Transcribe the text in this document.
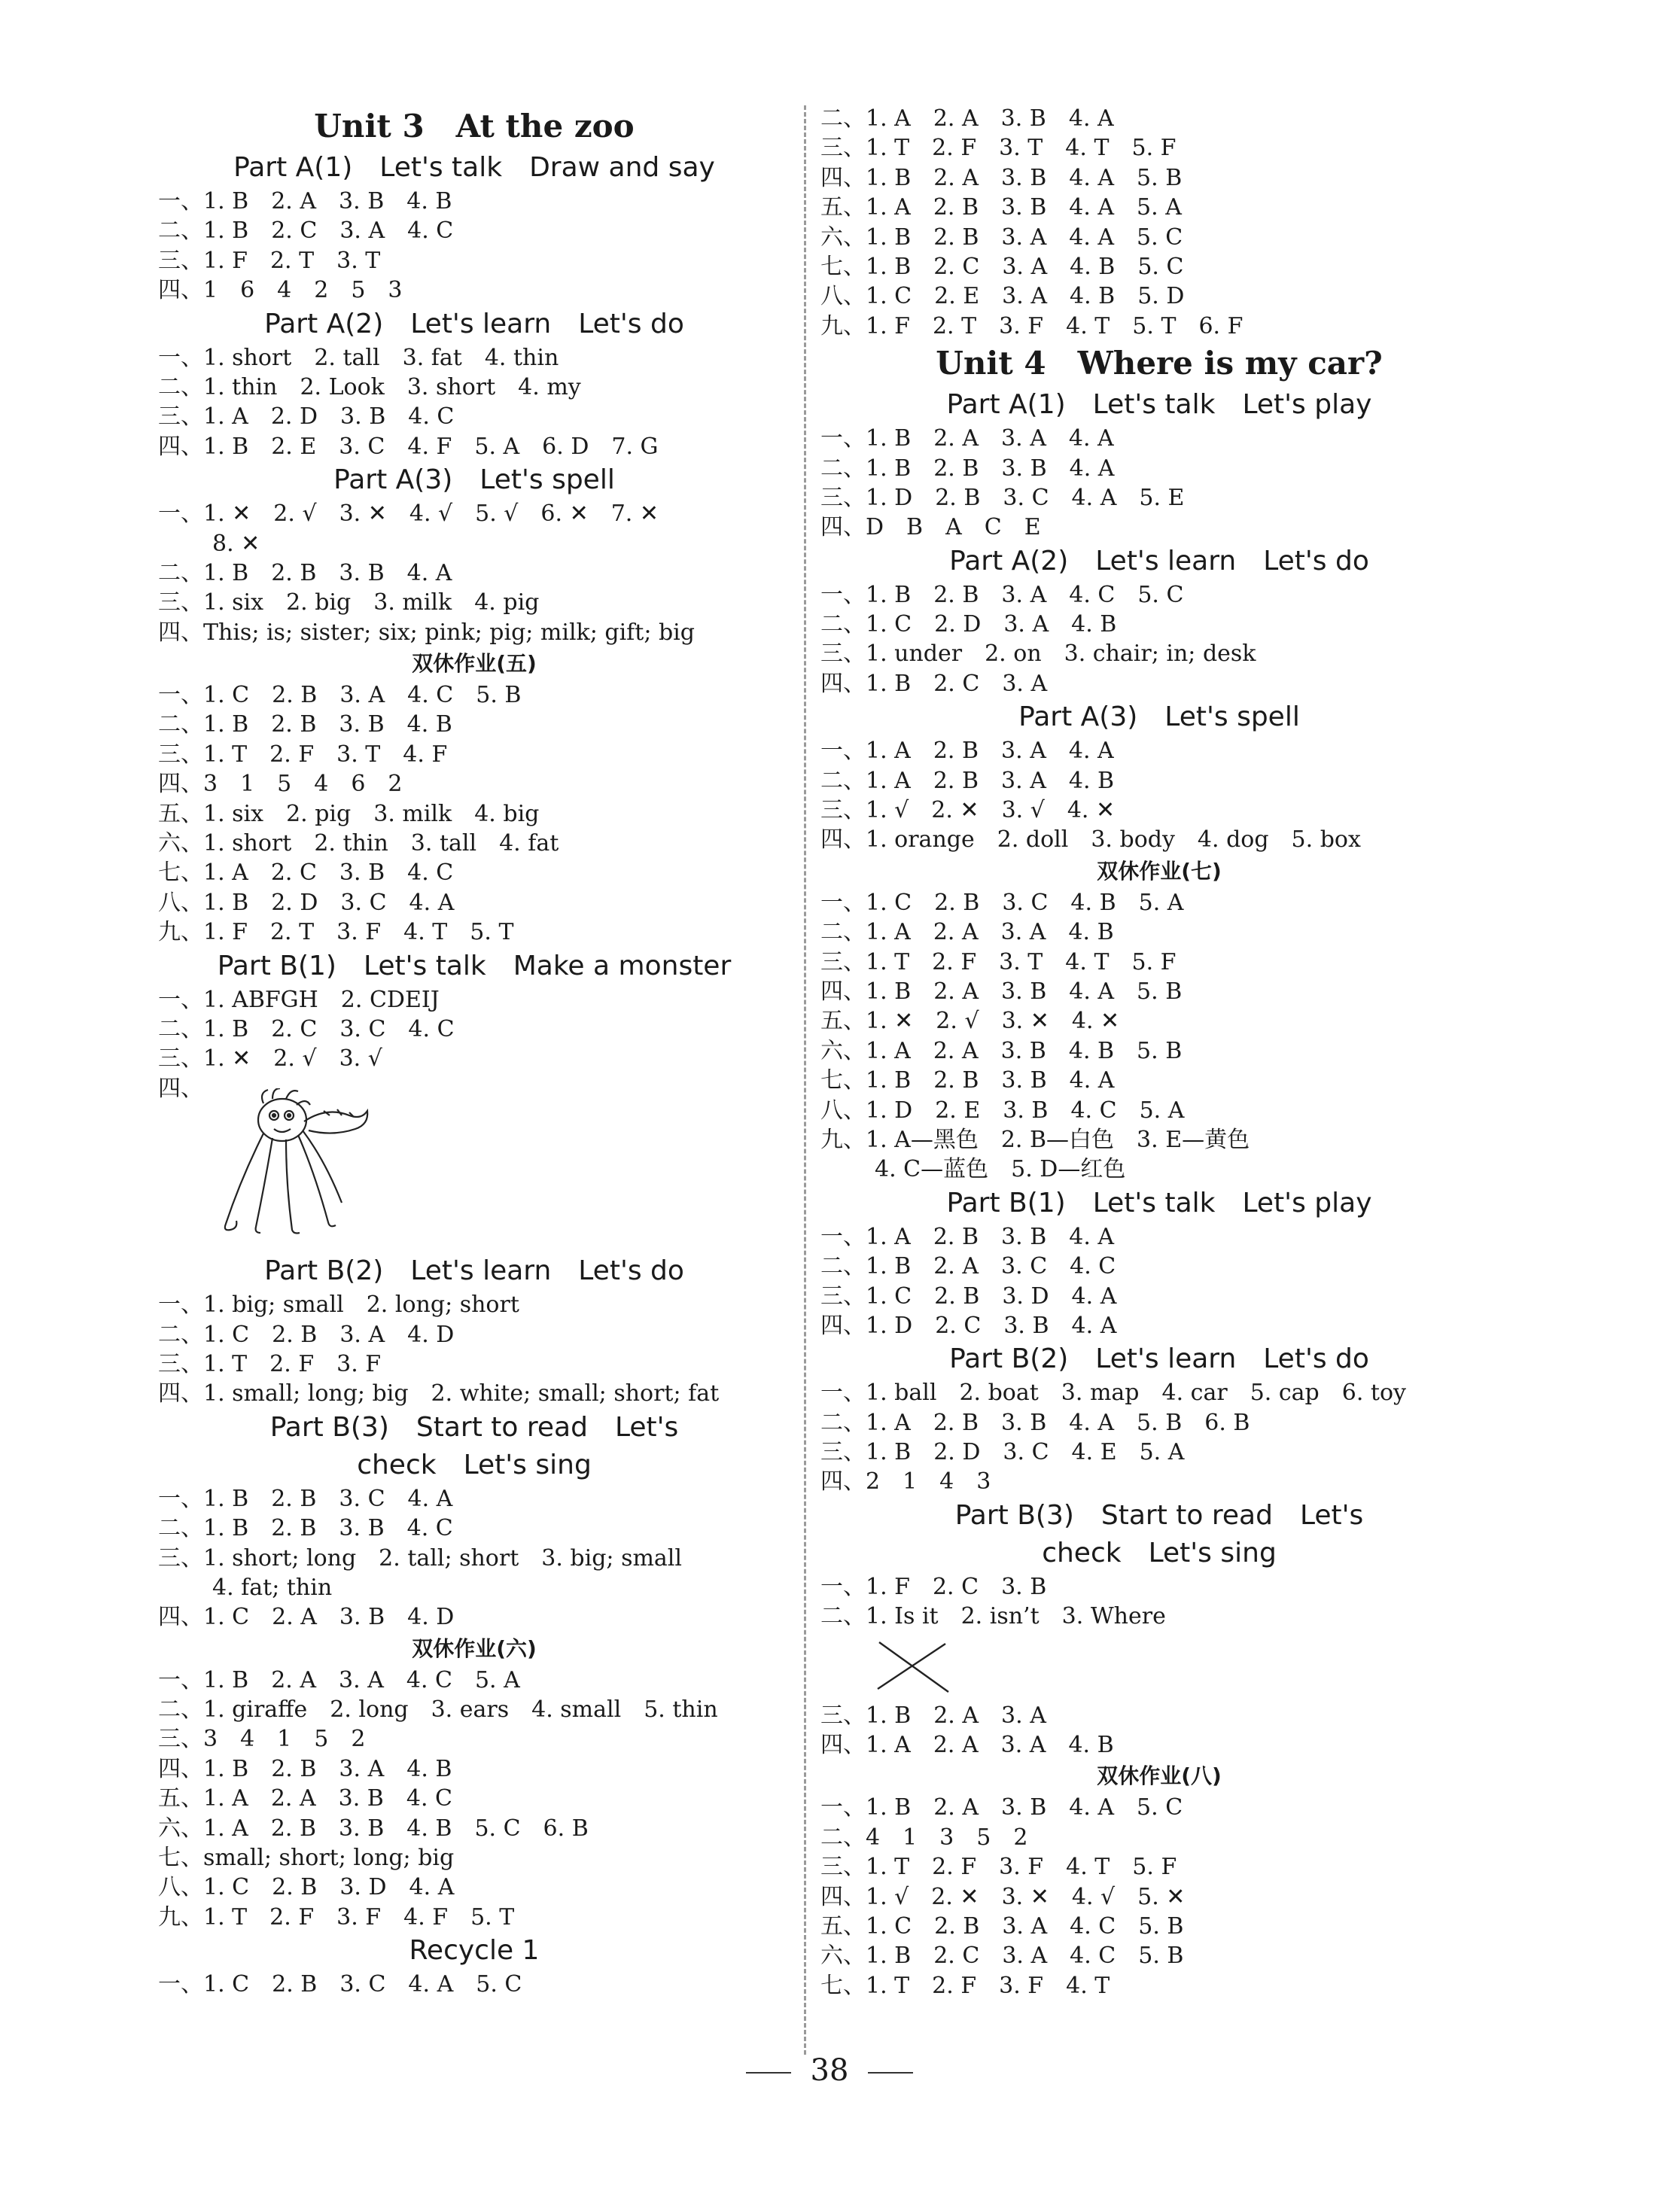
Unit 3　At the zoo
Part A(1)　Let's talk　Draw and say
一、1. B　2. A　3. B　4. B
二、1. B　2. C　3. A　4. C
三、1. F　2. T　3. T
四、1　6　4　2　5　3
Part A(2)　Let's learn　Let's do
一、1. short　2. tall　3. fat　4. thin
二、1. thin　2. Look　3. short　4. my
三、1. A　2. D　3. B　4. C
四、1. B　2. E　3. C　4. F　5. A　6. D　7. G
Part A(3)　Let's spell
一、1. ✕　2. √　3. ✕　4. √　5. √　6. ✕　7. ✕
8. ✕
二、1. B　2. B　3. B　4. A
三、1. six　2. big　3. milk　4. pig
四、This; is; sister; six; pink; pig; milk; gift; big
双休作业(五)
一、1. C　2. B　3. A　4. C　5. B
二、1. B　2. B　3. B　4. B
三、1. T　2. F　3. T　4. F
四、3　1　5　4　6　2
五、1. six　2. pig　3. milk　4. big
六、1. short　2. thin　3. tall　4. fat
七、1. A　2. C　3. B　4. C
八、1. B　2. D　3. C　4. A
九、1. F　2. T　3. F　4. T　5. T
Part B(1)　Let's talk　Make a monster
一、1. ABFGH　2. CDEIJ
二、1. B　2. C　3. C　4. C
三、1. ✕　2. √　3. √
四、
Part B(2)　Let's learn　Let's do
一、1. big; small　2. long; short
二、1. C　2. B　3. A　4. D
三、1. T　2. F　3. F
四、1. small; long; big　2. white; small; short; fat
Part B(3)　Start to read　Let's
check　Let's sing
一、1. B　2. B　3. C　4. A
二、1. B　2. B　3. B　4. C
三、1. short; long　2. tall; short　3. big; small
4. fat; thin
四、1. C　2. A　3. B　4. D
双休作业(六)
一、1. B　2. A　3. A　4. C　5. A
二、1. giraffe　2. long　3. ears　4. small　5. thin
三、3　4　1　5　2
四、1. B　2. B　3. A　4. B
五、1. A　2. A　3. B　4. C
六、1. A　2. B　3. B　4. B　5. C　6. B
七、small; short; long; big
八、1. C　2. B　3. D　4. A
九、1. T　2. F　3. F　4. F　5. T
Recycle 1
一、1. C　2. B　3. C　4. A　5. C
二、1. A　2. A　3. B　4. A
三、1. T　2. F　3. T　4. T　5. F
四、1. B　2. A　3. B　4. A　5. B
五、1. A　2. B　3. B　4. A　5. A
六、1. B　2. B　3. A　4. A　5. C
七、1. B　2. C　3. A　4. B　5. C
八、1. C　2. E　3. A　4. B　5. D
九、1. F　2. T　3. F　4. T　5. T　6. F
Unit 4　Where is my car?
Part A(1)　Let's talk　Let's play
一、1. B　2. A　3. A　4. A
二、1. B　2. B　3. B　4. A
三、1. D　2. B　3. C　4. A　5. E
四、D　B　A　C　E
Part A(2)　Let's learn　Let's do
一、1. B　2. B　3. A　4. C　5. C
二、1. C　2. D　3. A　4. B
三、1. under　2. on　3. chair; in; desk
四、1. B　2. C　3. A
Part A(3)　Let's spell
一、1. A　2. B　3. A　4. A
二、1. A　2. B　3. A　4. B
三、1. √　2. ✕　3. √　4. ✕
四、1. orange　2. doll　3. body　4. dog　5. box
双休作业(七)
一、1. C　2. B　3. C　4. B　5. A
二、1. A　2. A　3. A　4. B
三、1. T　2. F　3. T　4. T　5. F
四、1. B　2. A　3. B　4. A　5. B
五、1. ✕　2. √　3. ✕　4. ✕
六、1. A　2. A　3. B　4. B　5. B
七、1. B　2. B　3. B　4. A
八、1. D　2. E　3. B　4. C　5. A
九、1. A—黑色　2. B—白色　3. E—黄色
4. C—蓝色　5. D—红色
Part B(1)　Let's talk　Let's play
一、1. A　2. B　3. B　4. A
二、1. B　2. A　3. C　4. C
三、1. C　2. B　3. D　4. A
四、1. D　2. C　3. B　4. A
Part B(2)　Let's learn　Let's do
一、1. ball　2. boat　3. map　4. car　5. cap　6. toy
二、1. A　2. B　3. B　4. A　5. B　6. B
三、1. B　2. D　3. C　4. E　5. A
四、2　1　4　3
Part B(3)　Start to read　Let's
check　Let's sing
一、1. F　2. C　3. B
二、1. Is it　2. isn’t　3. Where
三、1. B　2. A　3. A
四、1. A　2. A　3. A　4. B
双休作业(八)
一、1. B　2. A　3. B　4. A　5. C
二、4　1　3　5　2
三、1. T　2. F　3. F　4. T　5. F
四、1. √　2. ✕　3. ✕　4. √　5. ✕
五、1. C　2. B　3. A　4. C　5. B
六、1. B　2. C　3. A　4. C　5. B
七、1. T　2. F　3. F　4. T
38
